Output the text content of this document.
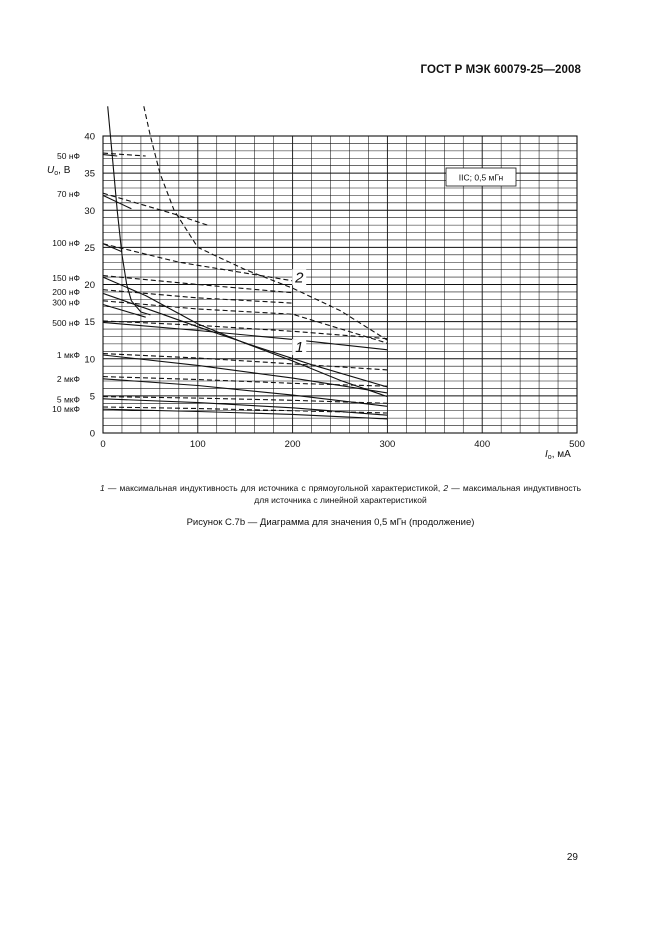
ГОСТ Р МЭК 60079-25—2008
0	100	200	300	400	500
0
5
10
15
20
25
30
35
40
50 нФ
70 нФ
100 нФ
150 нФ
200 нФ
300 нФ
500 нФ
1 мкФ
2 мкФ
5 мкФ
10 мкФ
$U_o$, В
$I_o$, мА
IIC; 0,5 мГн
1
2
1 — максимальная индуктивность для источника с прямоугольной характеристикой, 2 — максимальная индуктивность для источника с линейной характеристикой
Рисунок С.7b — Диаграмма для значения 0,5 мГн (продолжение)
29
